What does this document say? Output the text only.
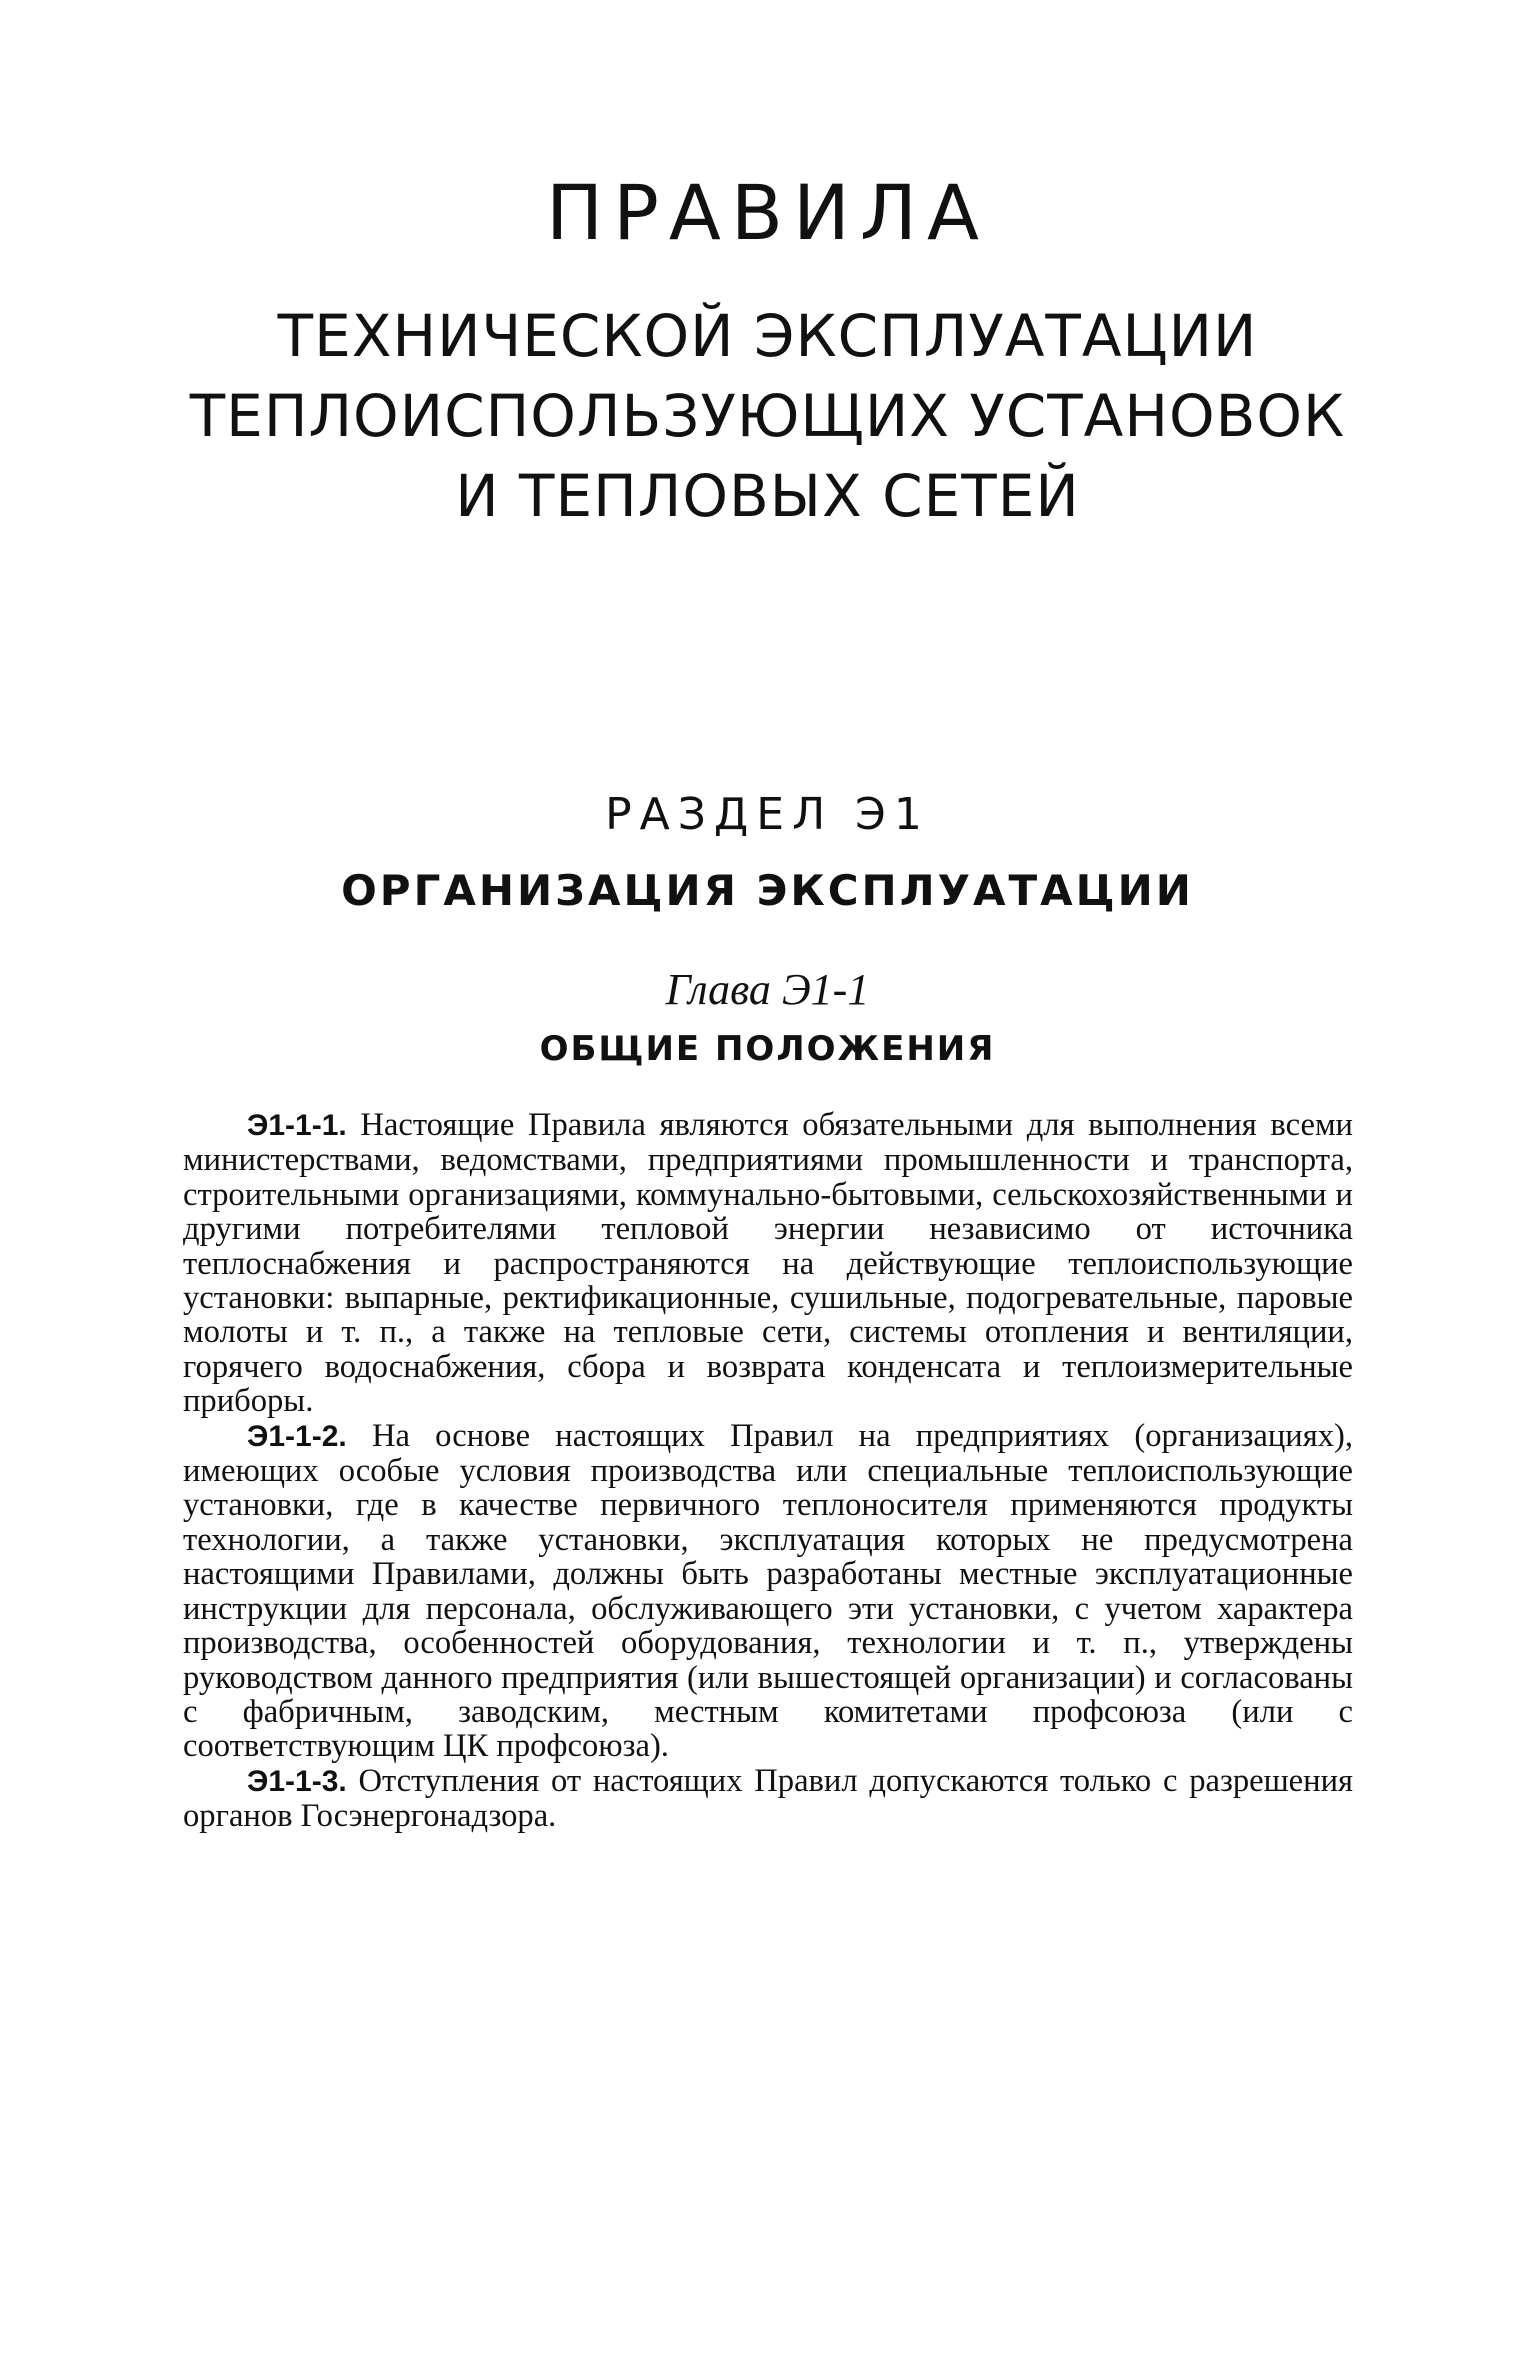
ПРАВИЛА
ТЕХНИЧЕСКОЙ ЭКСПЛУАТАЦИИ
ТЕПЛОИСПОЛЬЗУЮЩИХ УСТАНОВОК
И ТЕПЛОВЫХ СЕТЕЙ
РАЗДЕЛ Э1
ОРГАНИЗАЦИЯ ЭКСПЛУАТАЦИИ
Глава Э1-1
ОБЩИЕ ПОЛОЖЕНИЯ

Э1-1-1. Настоящие Правила являются обязательными для выполнения всеми министерствами, ведомствами, предприятиями промышленности и транспорта, строительными организациями, коммунально-бытовыми, сельскохозяйственными и другими потребителями тепловой энергии независимо от источника теплоснабжения и распространяются на действующие теплоиспользующие установки: выпарные, ректификационные, сушильные, подогревательные, паровые молоты и т. п., а также на тепловые сети, системы отопления и вентиляции, горячего водоснабжения, сбора и возврата конденсата и теплоизмерительные приборы.

Э1-1-2. На основе настоящих Правил на предприятиях (организациях), имеющих особые условия производства или специальные теплоиспользующие установки, где в качестве первичного теплоносителя применяются продукты технологии, а также установки, эксплуатация которых не предусмотрена настоящими Правилами, должны быть разработаны местные эксплуатационные инструкции для персонала, обслуживающего эти установки, с учетом характера производства, особенностей оборудования, технологии и т. п., утверждены руководством данного предприятия (или вышестоящей организации) и согласованы с фабричным, заводским, местным комитетами профсоюза (или с соответствующим ЦК профсоюза).

Э1-1-3. Отступления от настоящих Правил допускаются только с разрешения органов Госэнергонадзора.
